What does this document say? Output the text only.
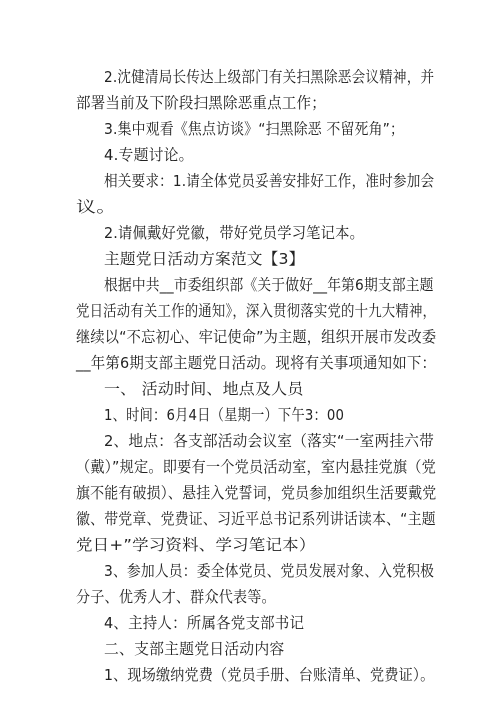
2.沈健清局长传达上级部门有关扫黑除恶会议精神，并
部署当前及下阶段扫黑除恶重点工作；
3.集中观看《焦点访谈》“扫黑除恶 不留死角”；
4.专题讨论。
相关要求：1.请全体党员妥善安排好工作，准时参加会
议。
2.请佩戴好党徽，带好党员学习笔记本。
主题党日活动方案范文【3】
根据中共__市委组织部《关于做好__年第6期支部主题
党日活动有关工作的通知》，深入贯彻落实党的十九大精神，
继续以“不忘初心、牢记使命”为主题，组织开展市发改委
__年第6期支部主题党日活动。现将有关事项通知如下：
一、 活动时间、地点及人员
1、时间：6月4日（星期一）下午3：00
2、地点：各支部活动会议室（落实“一室两挂六带
（戴）”规定。即要有一个党员活动室，室内悬挂党旗（党
旗不能有破损）、悬挂入党誓词，党员参加组织生活要戴党
徽、带党章、党费证、习近平总书记系列讲话读本、“主题
党日+”学习资料、学习笔记本）
3、参加人员：委全体党员、党员发展对象、入党积极
分子、优秀人才、群众代表等。
4、主持人：所属各党支部书记
二、支部主题党日活动内容
1、现场缴纳党费（党员手册、台账清单、党费证）。
